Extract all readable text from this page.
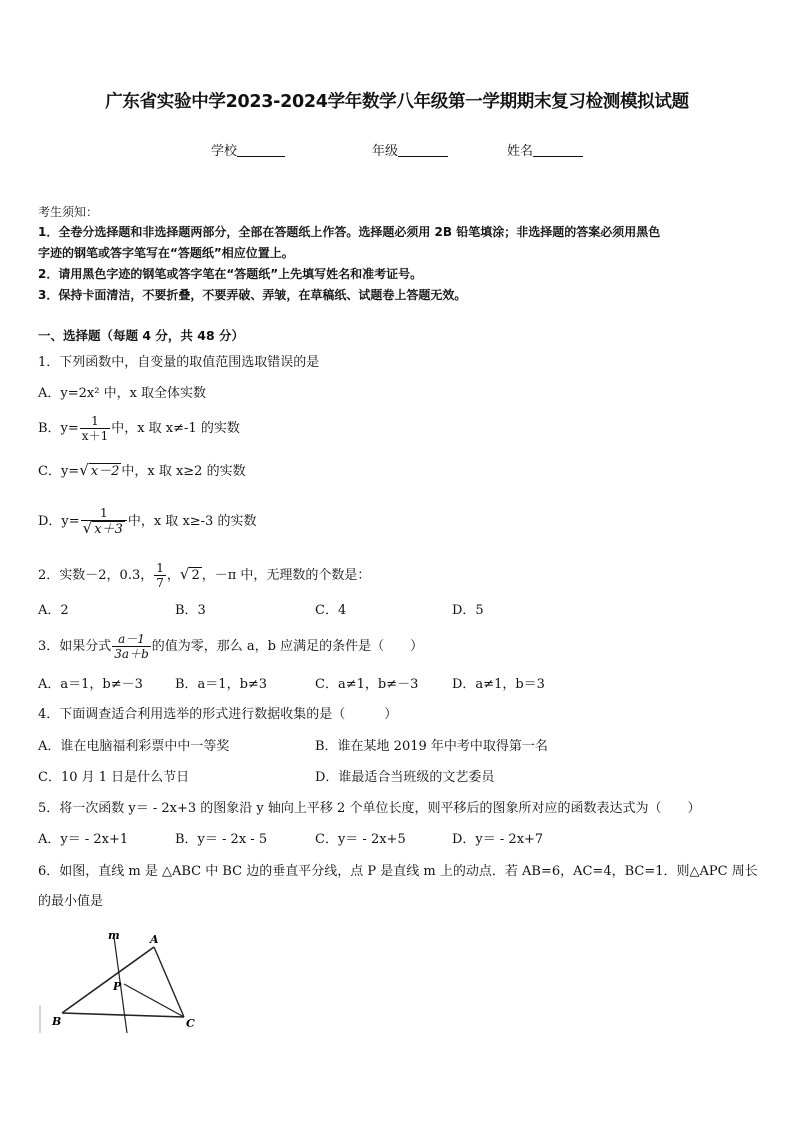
广东省实验中学2023-2024学年数学八年级第一学期期末复习检测模拟试题
学校	年级	姓名
考生须知：
1．全卷分选择题和非选择题两部分，全部在答题纸上作答。选择题必须用 2B 铅笔填涂；非选择题的答案必须用黑色
字迹的钢笔或答字笔写在“答题纸”相应位置上。
2．请用黑色字迹的钢笔或答字笔在“答题纸”上先填写姓名和准考证号。
3．保持卡面清洁，不要折叠，不要弄破、弄皱，在草稿纸、试题卷上答题无效。
一、选择题（每题 4 分，共 48 分）
1．下列函数中，自变量的取值范围选取错误的是
A．y=2x² 中，x 取全体实数
B．$y= \frac{1}{x+1}$ 中，x 取 x≠-1 的实数
C．y=√ x－2 中，x 取 x≥2 的实数
D．$y= \frac{1}{√ x+3}$ 中，x 取 x≥-3 的实数
2．实数－2，0.3， $\frac{1}{7}$ ，√ 2 ，－π 中，无理数的个数是：
A．2	B．3	C．4	D．5
3．如果分式 $\frac{a-1}{3a+b}$ 的值为零，那么 a，b 应满足的条件是（　　）
A．a＝1，b≠－3 B．a＝1，b≠3	C．a≠1，b≠－3	D．a≠1，b＝3
4．下面调查适合利用选举的形式进行数据收集的是（　　　）
A．谁在电脑福利彩票中中一等奖	B．谁在某地 2019 年中考中取得第一名
C．10 月 1 日是什么节日	D．谁最适合当班级的文艺委员
5．将一次函数 y＝ - 2x+3 的图象沿 y 轴向上平移 2 个单位长度，则平移后的图象所对应的函数表达式为（　　）
A．y＝ - 2x+1	B．y＝ - 2x - 5	C．y＝ - 2x+5	D．y＝ - 2x+7
6．如图，直线 m 是 △ABC 中 BC 边的垂直平分线，点 P 是直线 m 上的动点．若 AB=6，AC=4，BC=1．则△APC 周长
的最小值是
m	A
P
B	C
